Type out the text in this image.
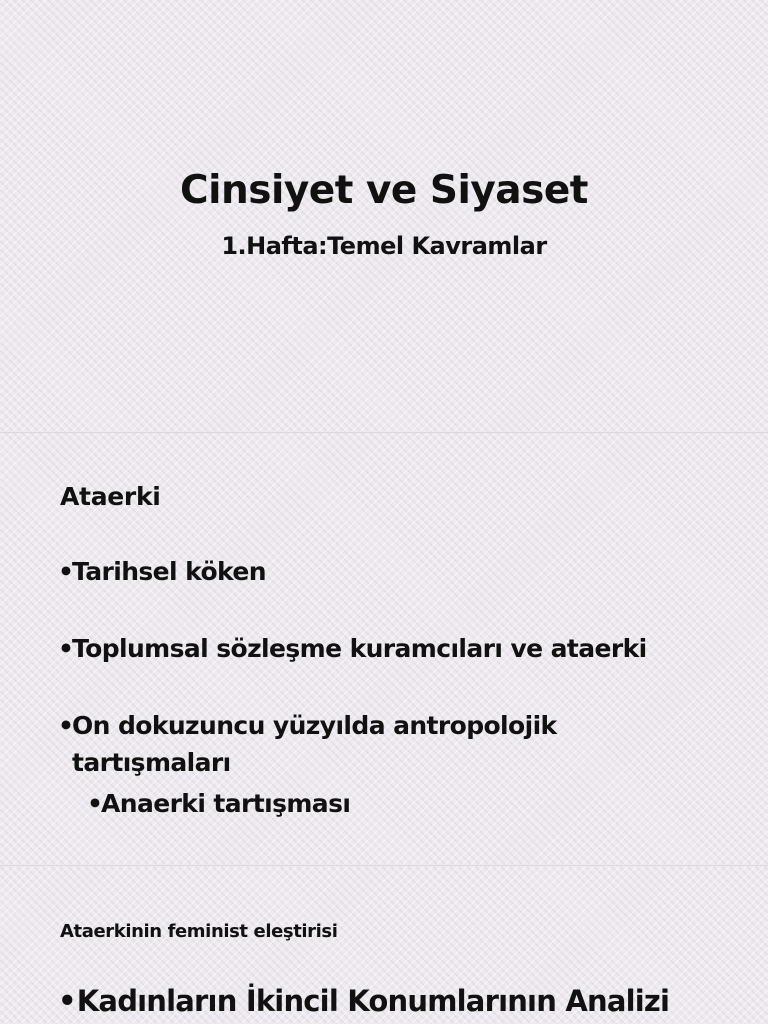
Cinsiyet ve Siyaset
1.Hafta:Temel Kavramlar
Ataerki
•
Tarihsel köken
•
Toplumsal sözleşme kuramcıları ve ataerki
•
On dokuzuncu yüzyılda antropolojik tartışmaları
•
Anaerki tartışması
Ataerkinin feminist eleştirisi
•Kadınların İkincil Konumlarının Analizi
